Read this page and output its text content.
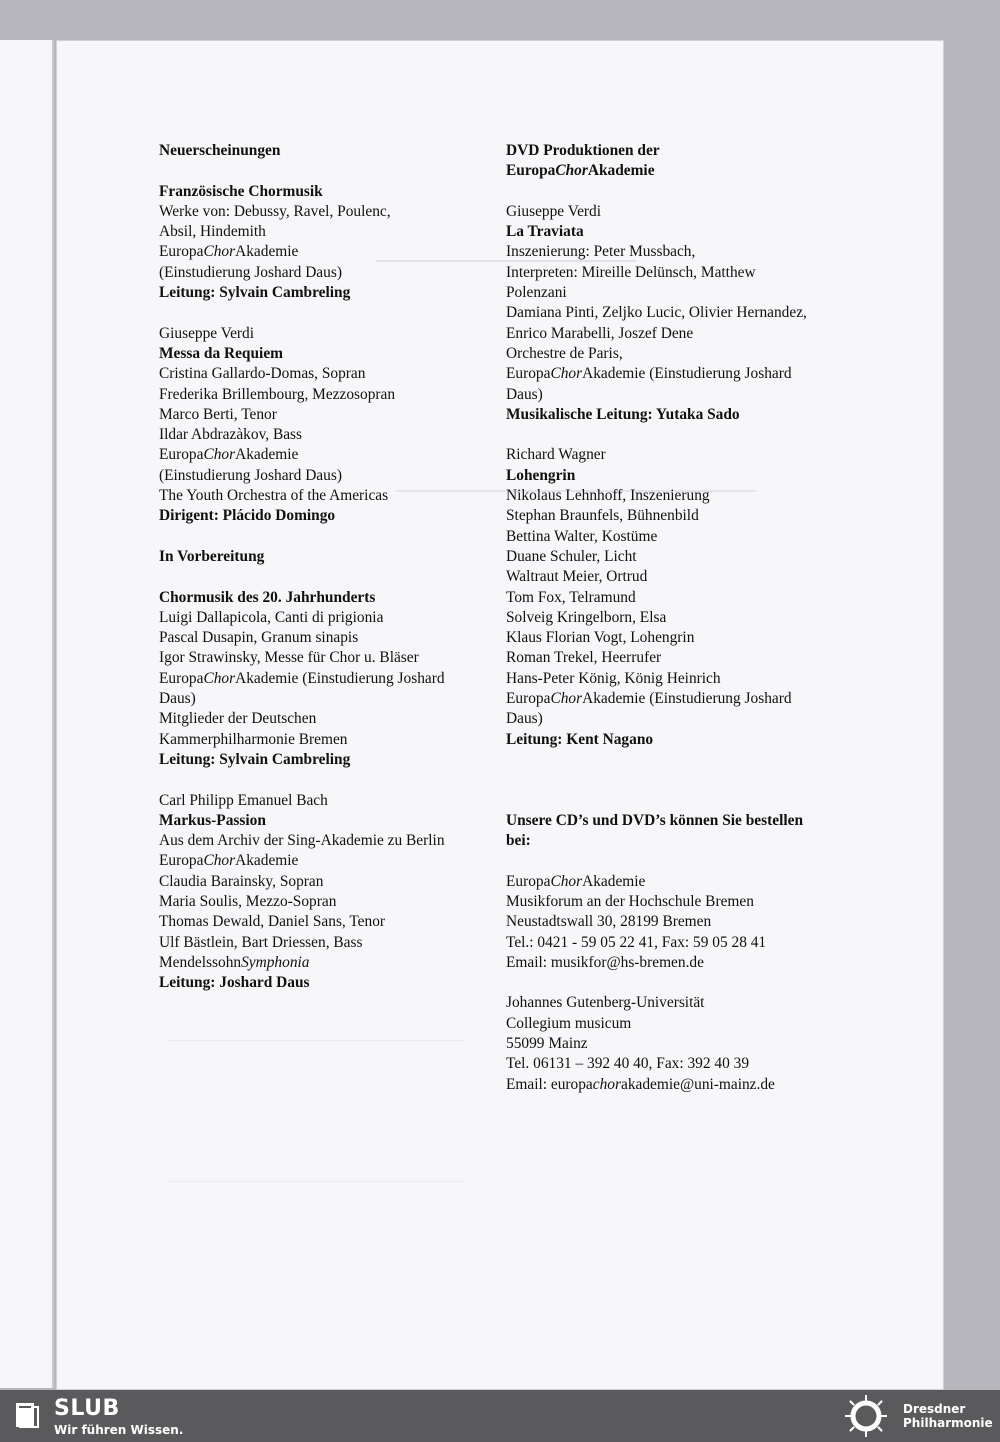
Neuerscheinungen
Französische Chormusik
Werke von: Debussy, Ravel, Poulenc,
Absil, Hindemith
EuropaChorAkademie
(Einstudierung Joshard Daus)
Leitung: Sylvain Cambreling
Giuseppe Verdi
Messa da Requiem
Cristina Gallardo-Domas, Sopran
Frederika Brillembourg, Mezzosopran
Marco Berti, Tenor
Ildar Abdrazàkov, Bass
EuropaChorAkademie
(Einstudierung Joshard Daus)
The Youth Orchestra of the Americas
Dirigent: Plácido Domingo
In Vorbereitung
Chormusik des 20. Jahrhunderts
Luigi Dallapicola, Canti di prigionia
Pascal Dusapin, Granum sinapis
Igor Strawinsky, Messe für Chor u. Bläser
EuropaChorAkademie (Einstudierung Joshard
Daus)
Mitglieder der Deutschen
Kammerphilharmonie Bremen
Leitung: Sylvain Cambreling
Carl Philipp Emanuel Bach
Markus-Passion
Aus dem Archiv der Sing-Akademie zu Berlin
EuropaChorAkademie
Claudia Barainsky, Sopran
Maria Soulis, Mezzo-Sopran
Thomas Dewald, Daniel Sans, Tenor
Ulf Bästlein, Bart Driessen, Bass
MendelssohnSymphonia
Leitung: Joshard Daus
DVD Produktionen der
EuropaChorAkademie
Giuseppe Verdi
La Traviata
Inszenierung: Peter Mussbach,
Interpreten: Mireille Delünsch, Matthew
Polenzani
Damiana Pinti, Zeljko Lucic, Olivier Hernandez,
Enrico Marabelli, Joszef Dene
Orchestre de Paris,
EuropaChorAkademie (Einstudierung Joshard
Daus)
Musikalische Leitung: Yutaka Sado
Richard Wagner
Lohengrin
Nikolaus Lehnhoff, Inszenierung
Stephan Braunfels, Bühnenbild
Bettina Walter, Kostüme
Duane Schuler, Licht
Waltraut Meier, Ortrud
Tom Fox, Telramund
Solveig Kringelborn, Elsa
Klaus Florian Vogt, Lohengrin
Roman Trekel, Heerrufer
Hans-Peter König, König Heinrich
EuropaChorAkademie (Einstudierung Joshard
Daus)
Leitung: Kent Nagano
Unsere CD’s und DVD’s können Sie bestellen
bei:
EuropaChorAkademie
Musikforum an der Hochschule Bremen
Neustadtswall 30, 28199 Bremen
Tel.: 0421 - 59 05 22 41, Fax: 59 05 28 41
Email: musikfor@hs-bremen.de
Johannes Gutenberg-Universität
Collegium musicum
55099 Mainz
Tel. 06131 – 392 40 40, Fax: 392 40 39
Email: europachorakademie@uni-mainz.de
SLUB
Wir führen Wissen.
Dresdner
Philharmonie
